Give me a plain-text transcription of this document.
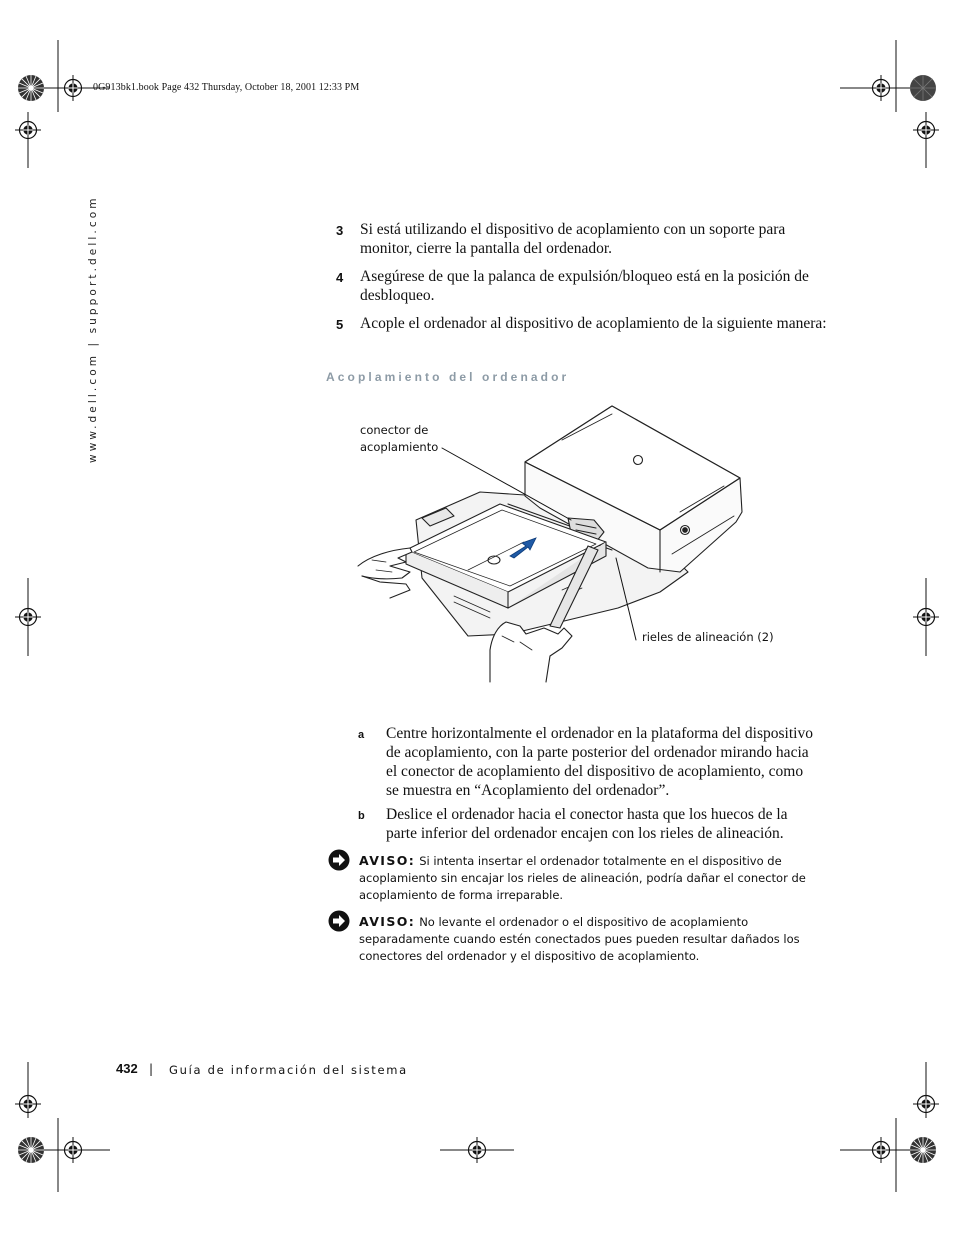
0G913bk1.book Page 432 Thursday, October 18, 2001 12:33 PM
www.dell.com | support.dell.com	3 Si está utilizando el dispositivo de acoplamiento con un soporte para monitor, cierre la pantalla del ordenador.
4 Asegúrese de que la palanca de expulsión/bloqueo está en la posición de desbloqueo.
5 Acople el ordenador al dispositivo de acoplamiento de la siguiente manera:
Acoplamiento del ordenador
conector de
acoplamiento
rieles de alineación (2)
a Centre horizontalmente el ordenador en la plataforma del dispositivo de acoplamiento, con la parte posterior del ordenador mirando hacia el conector de acoplamiento del dispositivo de acoplamiento, como se muestra en “Acoplamiento del ordenador”.
b Deslice el ordenador hacia el conector hasta que los huecos de la parte inferior del ordenador encajen con los rieles de alineación.
AVISO: Si intenta insertar el ordenador totalmente en el dispositivo de acoplamiento sin encajar los rieles de alineación, podría dañar el conector de acoplamiento de forma irreparable.
AVISO: No levante el ordenador o el dispositivo de acoplamiento separadamente cuando estén conectados pues pueden resultar dañados los conectores del ordenador y el dispositivo de acoplamiento.
432 | Guía de información del sistema
